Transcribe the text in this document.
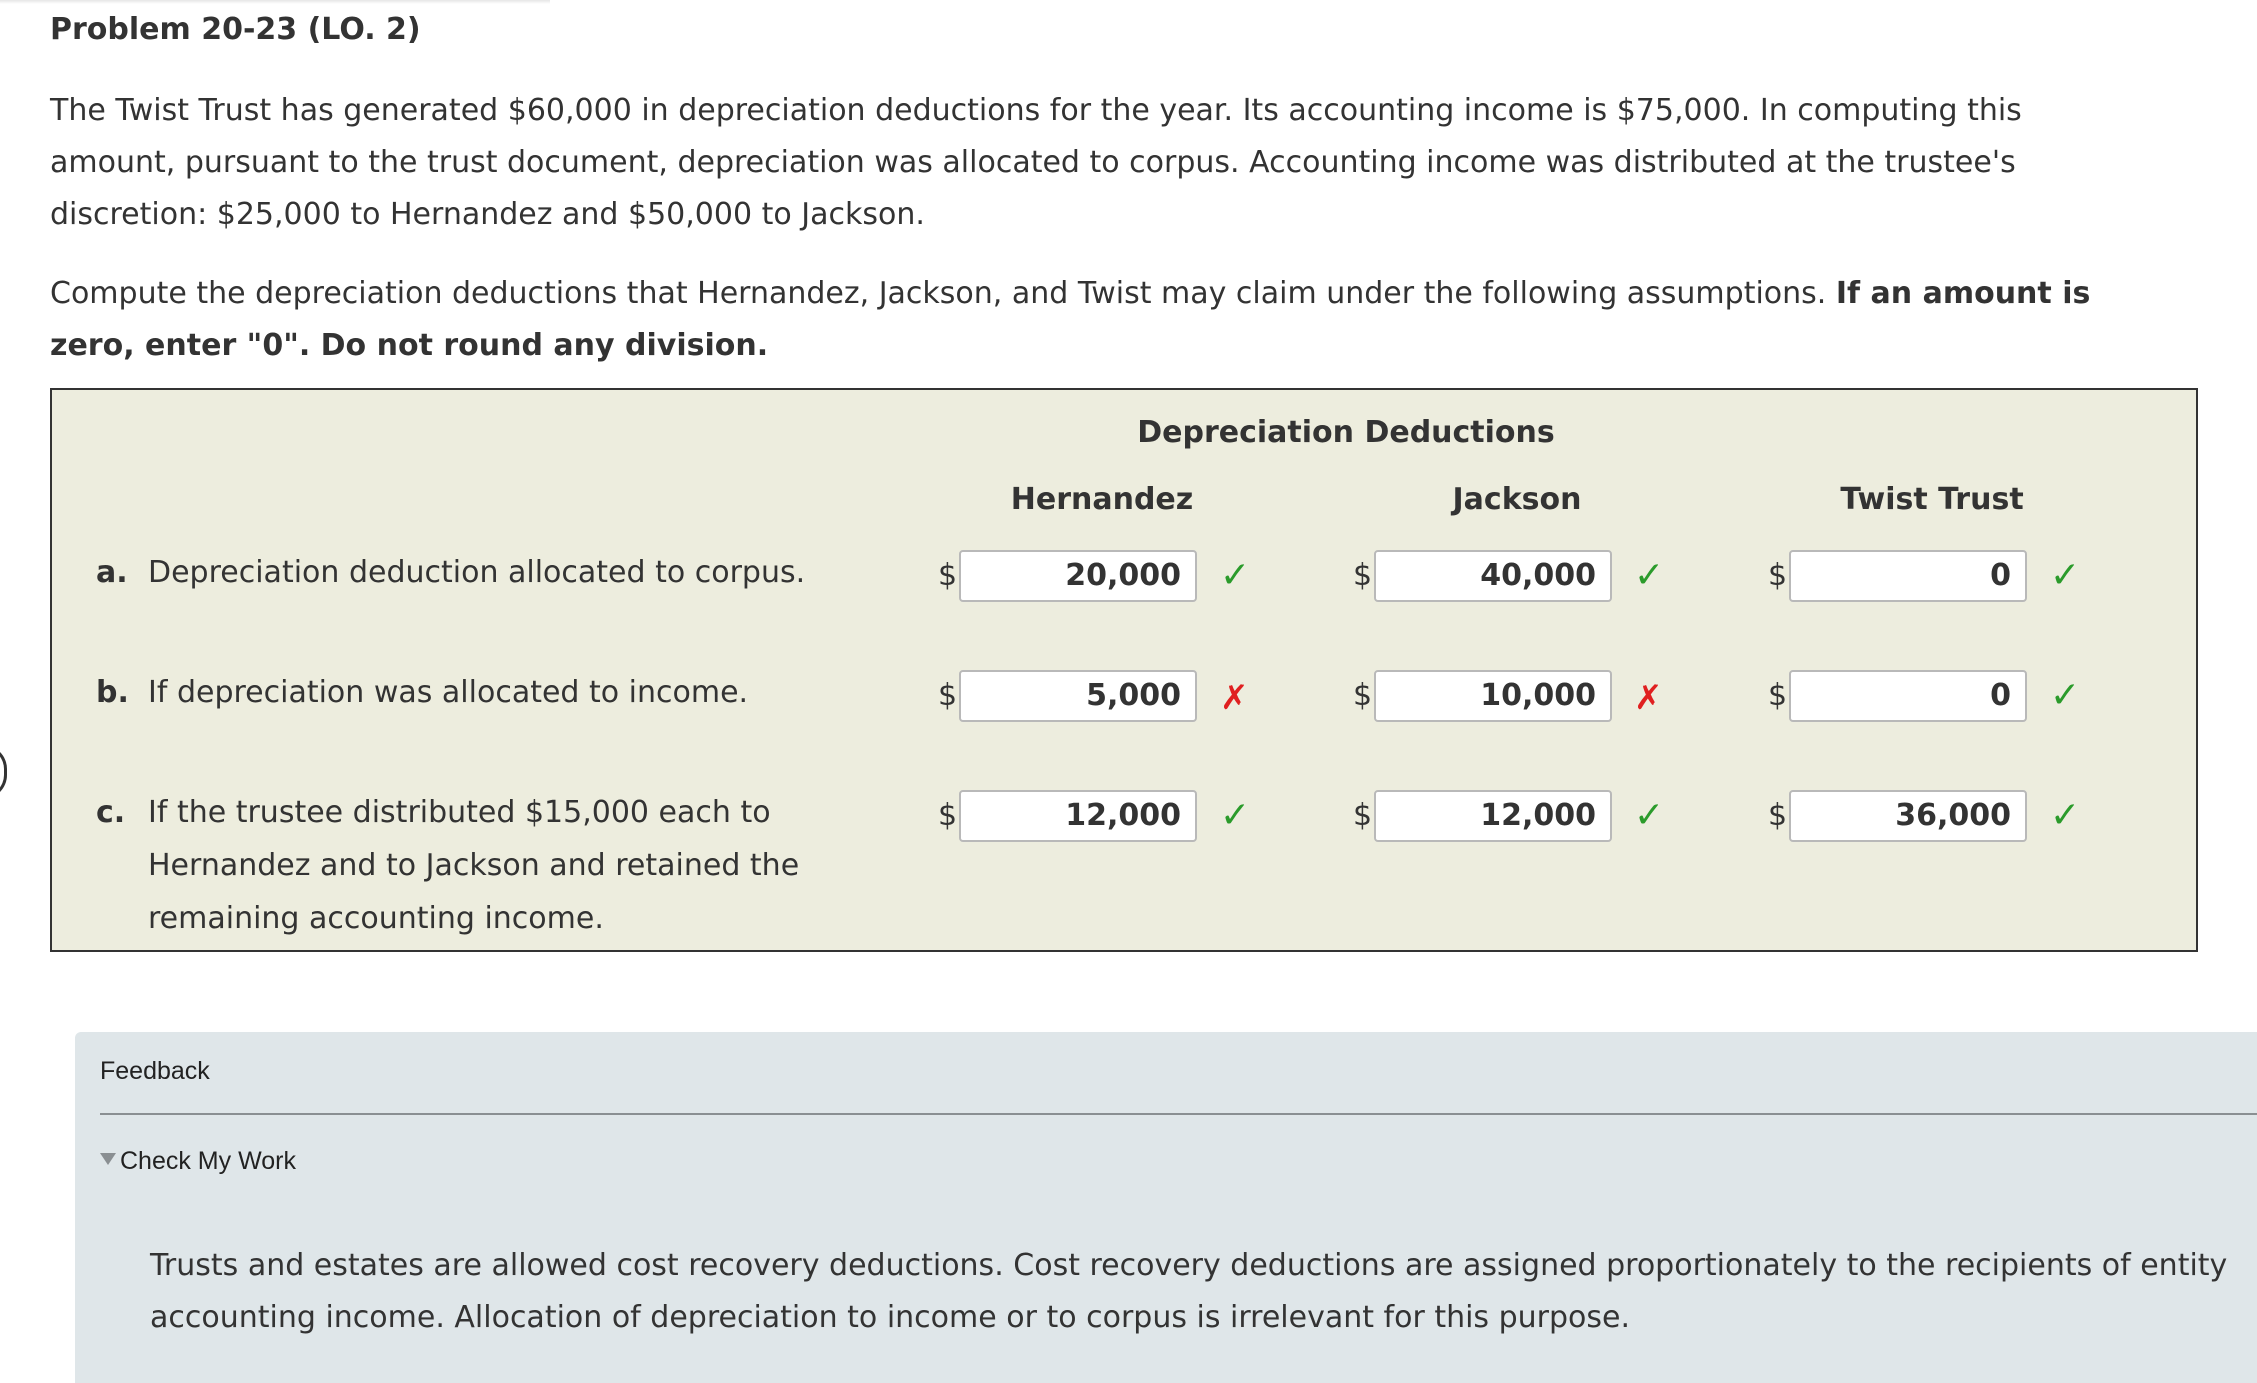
Problem 20-23 (LO. 2)
The Twist Trust has generated $60,000 in depreciation deductions for the year. Its accounting income is $75,000. In computing this amount, pursuant to the trust document, depreciation was allocated to corpus. Accounting income was distributed at the trustee's discretion: $25,000 to Hernandez and $50,000 to Jackson.
Compute the depreciation deductions that Hernandez, Jackson, and Twist may claim under the following assumptions. If an amount is zero, enter "0". Do not round any division.
Depreciation Deductions
Hernandez	Jackson	Twist Trust
a. Depreciation deduction allocated to corpus.	$	20,000	✓	$	40,000	✓	$	0	✓
b. If depreciation was allocated to income.	$	5,000	✗	$	10,000	✗	$	0	✓
c. If the trustee distributed $15,000 each to Hernandez and to Jackson and retained the remaining accounting income.
$	12,000	✓	$	12,000	✓	$	36,000	✓
Feedback
Check My Work
Trusts and estates are allowed cost recovery deductions. Cost recovery deductions are assigned proportionately to the recipients of entity accounting income. Allocation of depreciation to income or to corpus is irrelevant for this purpose.
